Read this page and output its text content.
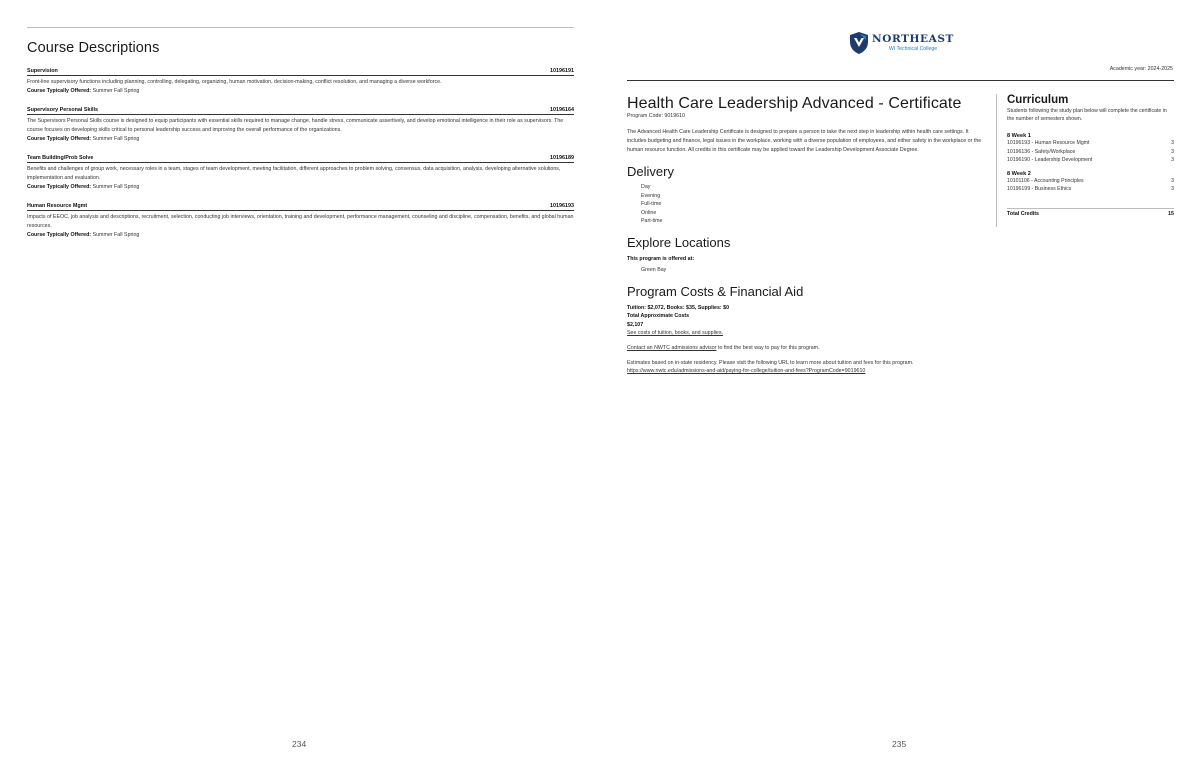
Course Descriptions
Supervision	10196191
Front-line supervisory functions including planning, controlling, delegating, organizing, human motivation, decision-making, conflict resolution, and managing a diverse workforce.
Course Typically Offered: Summer Fall Spring
Supervisory Personal Skills	10196164
The Supervisors Personal Skills course is designed to equip participants with essential skills required to manage change, handle stress, communicate assertively, and develop emotional intelligence in their role as supervisors. The course focuses on developing skills critical to personal leadership success and improving the overall performance of the organizations.
Course Typically Offered: Summer Fall Spring
Team Building/Prob Solve	10196189
Benefits and challenges of group work, necessary roles in a team, stages of team development, meeting facilitation, different approaches to problem solving, consensus, data acquisition, analysis, developing alternative solutions, implementation and evaluation.
Course Typically Offered: Summer Fall Spring
Human Resource Mgmt	10196193
Impacts of EEOC, job analysis and descriptions, recruitment, selection, conducting job interviews, orientation, training and development, performance management, counseling and discipline, compensation, benefits, and global human resources.
Course Typically Offered: Summer Fall Spring
234
NORTHEAST
WI Technical College
Academic year: 2024-2025
Health Care Leadership Advanced - Certificate
Program Code: 9019610

The Advanced Health Care Leadership Certificate is designed to prepare a person to take the next step in leadership within health care settings. It includes budgeting and finance, legal issues in the workplace, working with a diverse population of employees, and either safety in the workplace or the human resource function. All credits in this certificate may be applied toward the Leadership Development Associate Degree.

Delivery
Day
Evening
Full-time
Online
Part-time
Explore Locations
This program is offered at:
Green Bay
Program Costs & Financial Aid
Tuition: $2,072, Books: $35, Supplies: $0
Total Approximate Costs
$2,107
See costs of tuition, books, and supplies.
Contact an NWTC admissions advisor to find the best way to pay for this program.
Estimates based on in-state residency. Please visit the following URL to learn more about tuition and fees for this program.
https://www.nwtc.edu/admissions-and-aid/paying-for-college/tuition-and-fees?ProgramCode=9019610
Curriculum
Students following the study plan below will complete the certificate in the number of semesters shown.
8 Week 1
10196193 - Human Resource Mgmt	3
10196136 - Safety/Workplace	3
10196190 - Leadership Development	3
8 Week 2
10101106 - Accounting Principles	3
10196199 - Business Ethics	3
Total Credits	15
235
